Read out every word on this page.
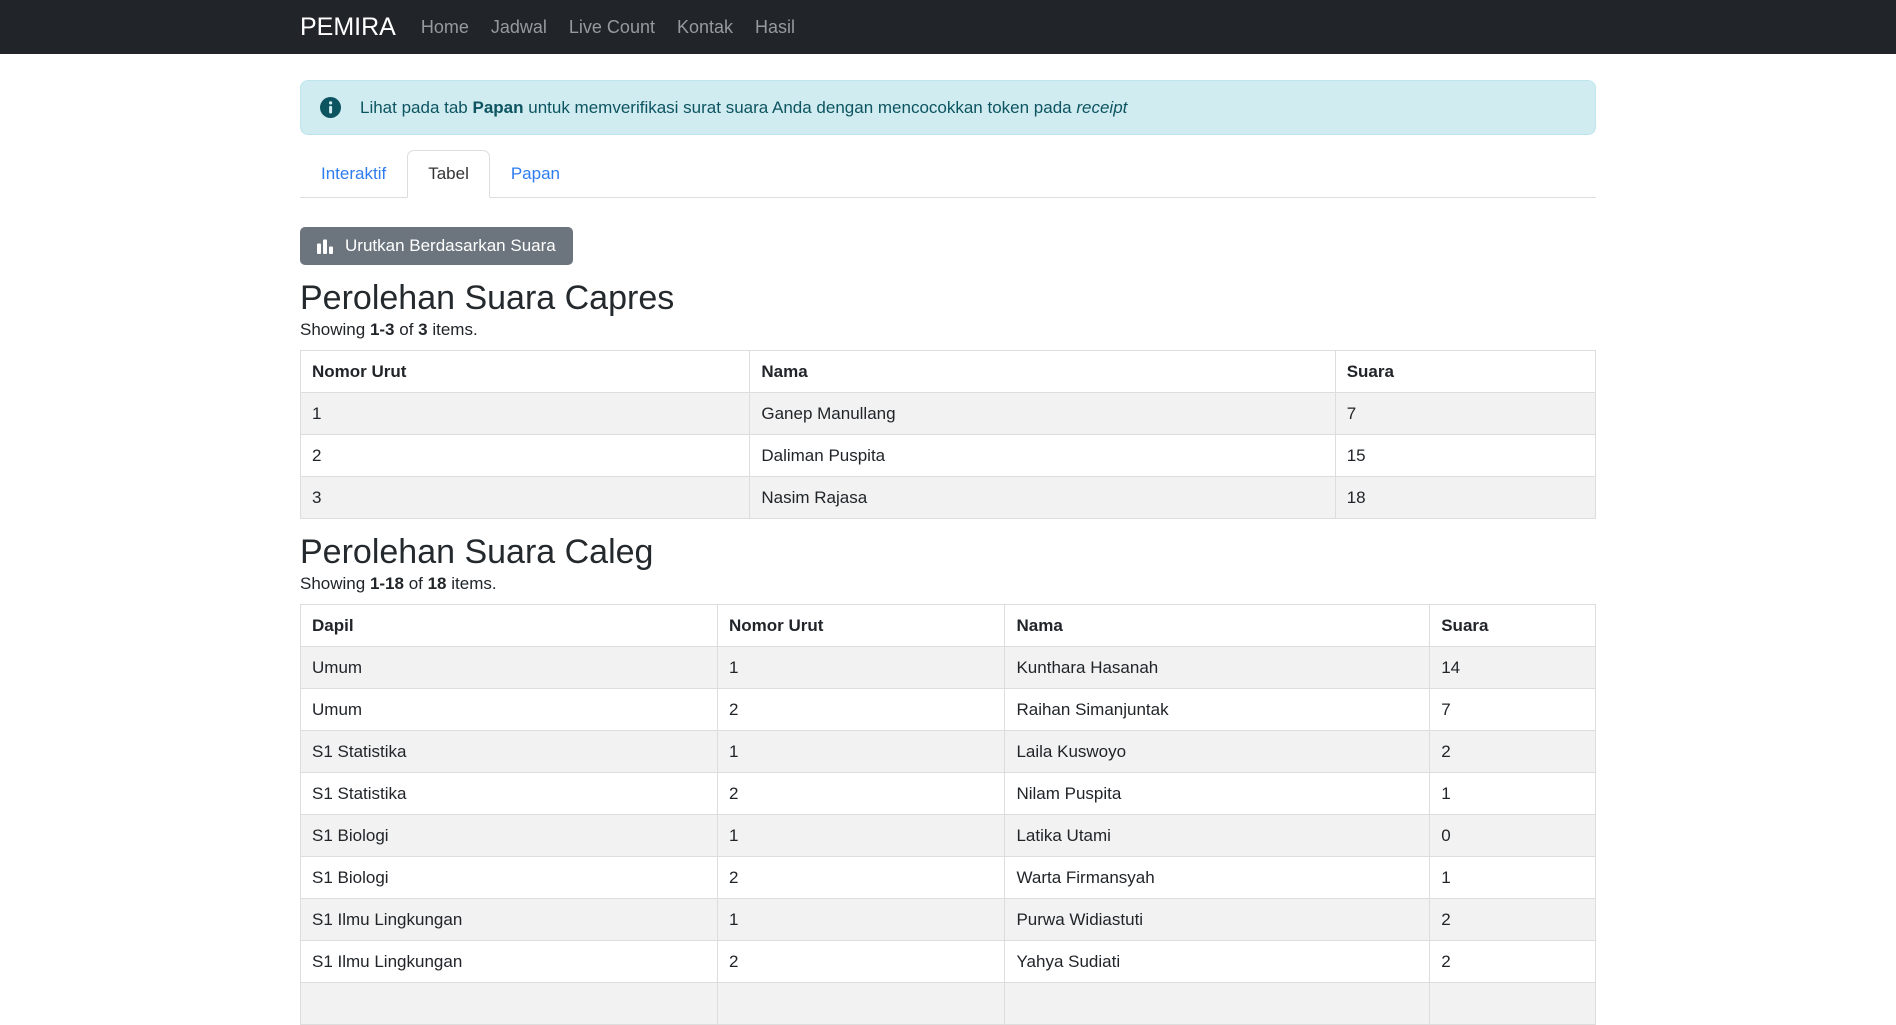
PEMIRA	Home	Jadwal	Live Count	Kontak	Hasil
Lihat pada tab Papan untuk memverifikasi surat suara Anda dengan mencocokkan token pada receipt
Interaktif	Tabel	Papan
Urutkan Berdasarkan Suara
Perolehan Suara Capres

Showing 1-3 of 3 items.

Nomor Urut	Nama	Suara
1	Ganep Manullang	7
2	Daliman Puspita	15
3	Nasim Rajasa	18
Perolehan Suara Caleg

Showing 1-18 of 18 items.

Dapil	Nomor Urut	Nama	Suara
Umum	1	Kunthara Hasanah	14
Umum	2	Raihan Simanjuntak	7
S1 Statistika	1	Laila Kuswoyo	2
S1 Statistika	2	Nilam Puspita	1
S1 Biologi	1	Latika Utami	0
S1 Biologi	2	Warta Firmansyah	1
S1 Ilmu Lingkungan	1	Purwa Widiastuti	2
S1 Ilmu Lingkungan	2	Yahya Sudiati	2
